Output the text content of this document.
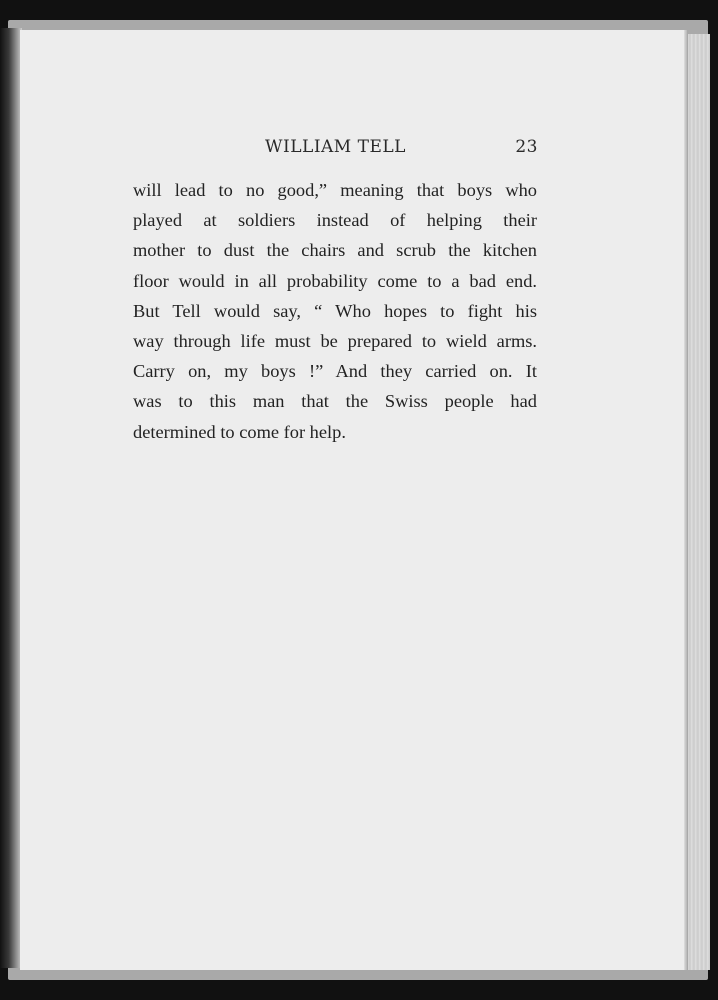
WILLIAM TELL	23

will lead to no good,” meaning that boys who
played at soldiers instead of helping their
mother to dust the chairs and scrub the kitchen
floor would in all probability come to a bad end.
But Tell would say, “ Who hopes to fight his
way through life must be prepared to wield arms.
Carry on, my boys !” And they carried on. It
was to this man that the Swiss people had
determined to come for help.
